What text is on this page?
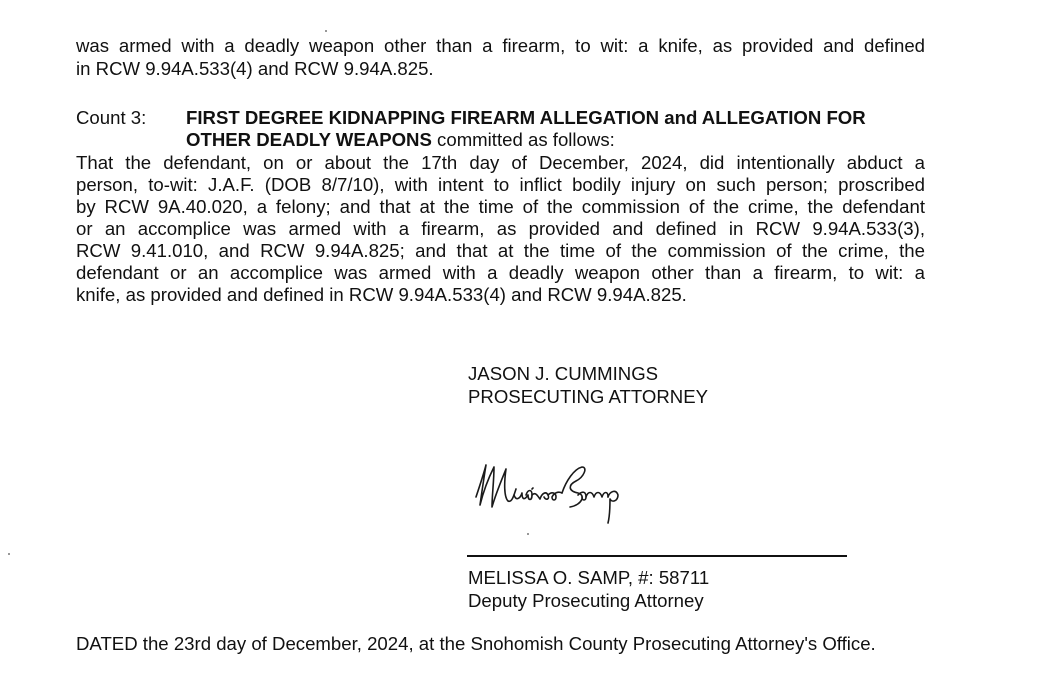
was armed with a deadly weapon other than a firearm, to wit: a knife, as provided and defined
in RCW 9.94A.533(4) and RCW 9.94A.825.
Count 3: FIRST DEGREE KIDNAPPING FIREARM ALLEGATION and ALLEGATION FOR
OTHER DEADLY WEAPONS committed as follows:
That the defendant, on or about the 17th day of December, 2024, did intentionally abduct a
person, to-wit: J.A.F. (DOB 8/7/10), with intent to inflict bodily injury on such person; proscribed
by RCW 9A.40.020, a felony; and that at the time of the commission of the crime, the defendant
or an accomplice was armed with a firearm, as provided and defined in RCW 9.94A.533(3),
RCW 9.41.010, and RCW 9.94A.825; and that at the time of the commission of the crime, the
defendant or an accomplice was armed with a deadly weapon other than a firearm, to wit: a
knife, as provided and defined in RCW 9.94A.533(4) and RCW 9.94A.825.
JASON J. CUMMINGS
PROSECUTING ATTORNEY
MELISSA O. SAMP, #: 58711
Deputy Prosecuting Attorney
DATED the 23rd day of December, 2024, at the Snohomish County Prosecuting Attorney's Office.
